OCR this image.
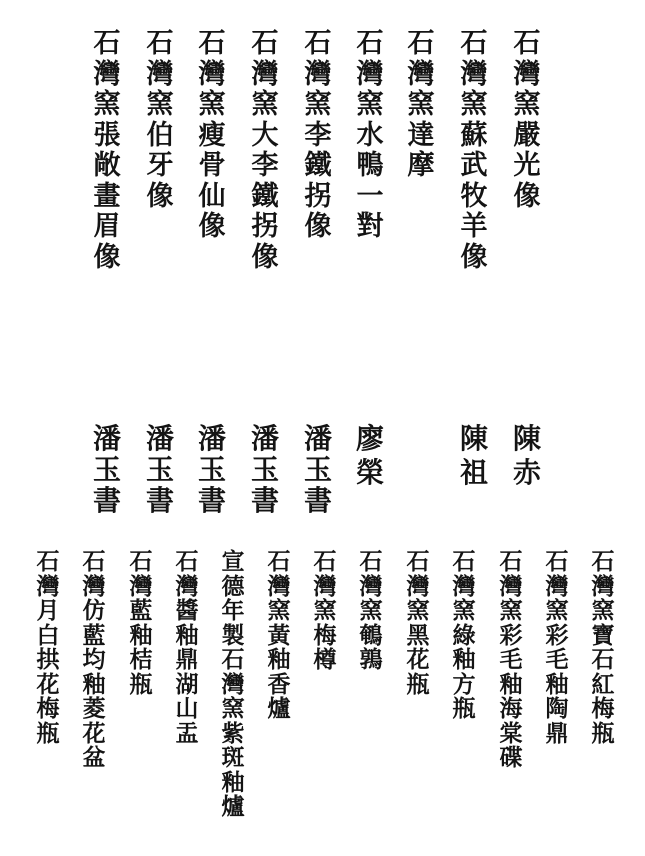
石
灣
窯
嚴
光
像
石
灣
窯
蘇
武
牧
羊
像
石
灣
窯
達
摩
石
灣
窯
水
鴨
一
對
石
灣
窯
李
鐵
拐
像
石
灣
窯
大
李
鐵
拐
像
石
灣
窯
瘦
骨
仙
像
石
灣
窯
伯
牙
像
石
灣
窯
張
敞
畫
眉
像
陳
赤
陳
祖
廖
榮
潘
玉
書
潘
玉
書
潘
玉
書
潘
玉
書
潘
玉
書
石
灣
窯
寶
石
紅
梅
瓶
石
灣
窯
彩
毛
釉
陶
鼎
石
灣
窯
彩
毛
釉
海
棠
碟
石
灣
窯
綠
釉
方
瓶
石
灣
窯
黑
花
瓶
石
灣
窯
鵪
鶉
石
灣
窯
梅
樽
石
灣
窯
黃
釉
香
爐
宣
德
年
製
石
灣
窯
紫
斑
釉
爐
石
灣
醬
釉
鼎
湖
山
盂
石
灣
藍
釉
桔
瓶
石
灣
仿
藍
均
釉
菱
花
盆
石
灣
月
白
拱
花
梅
瓶
